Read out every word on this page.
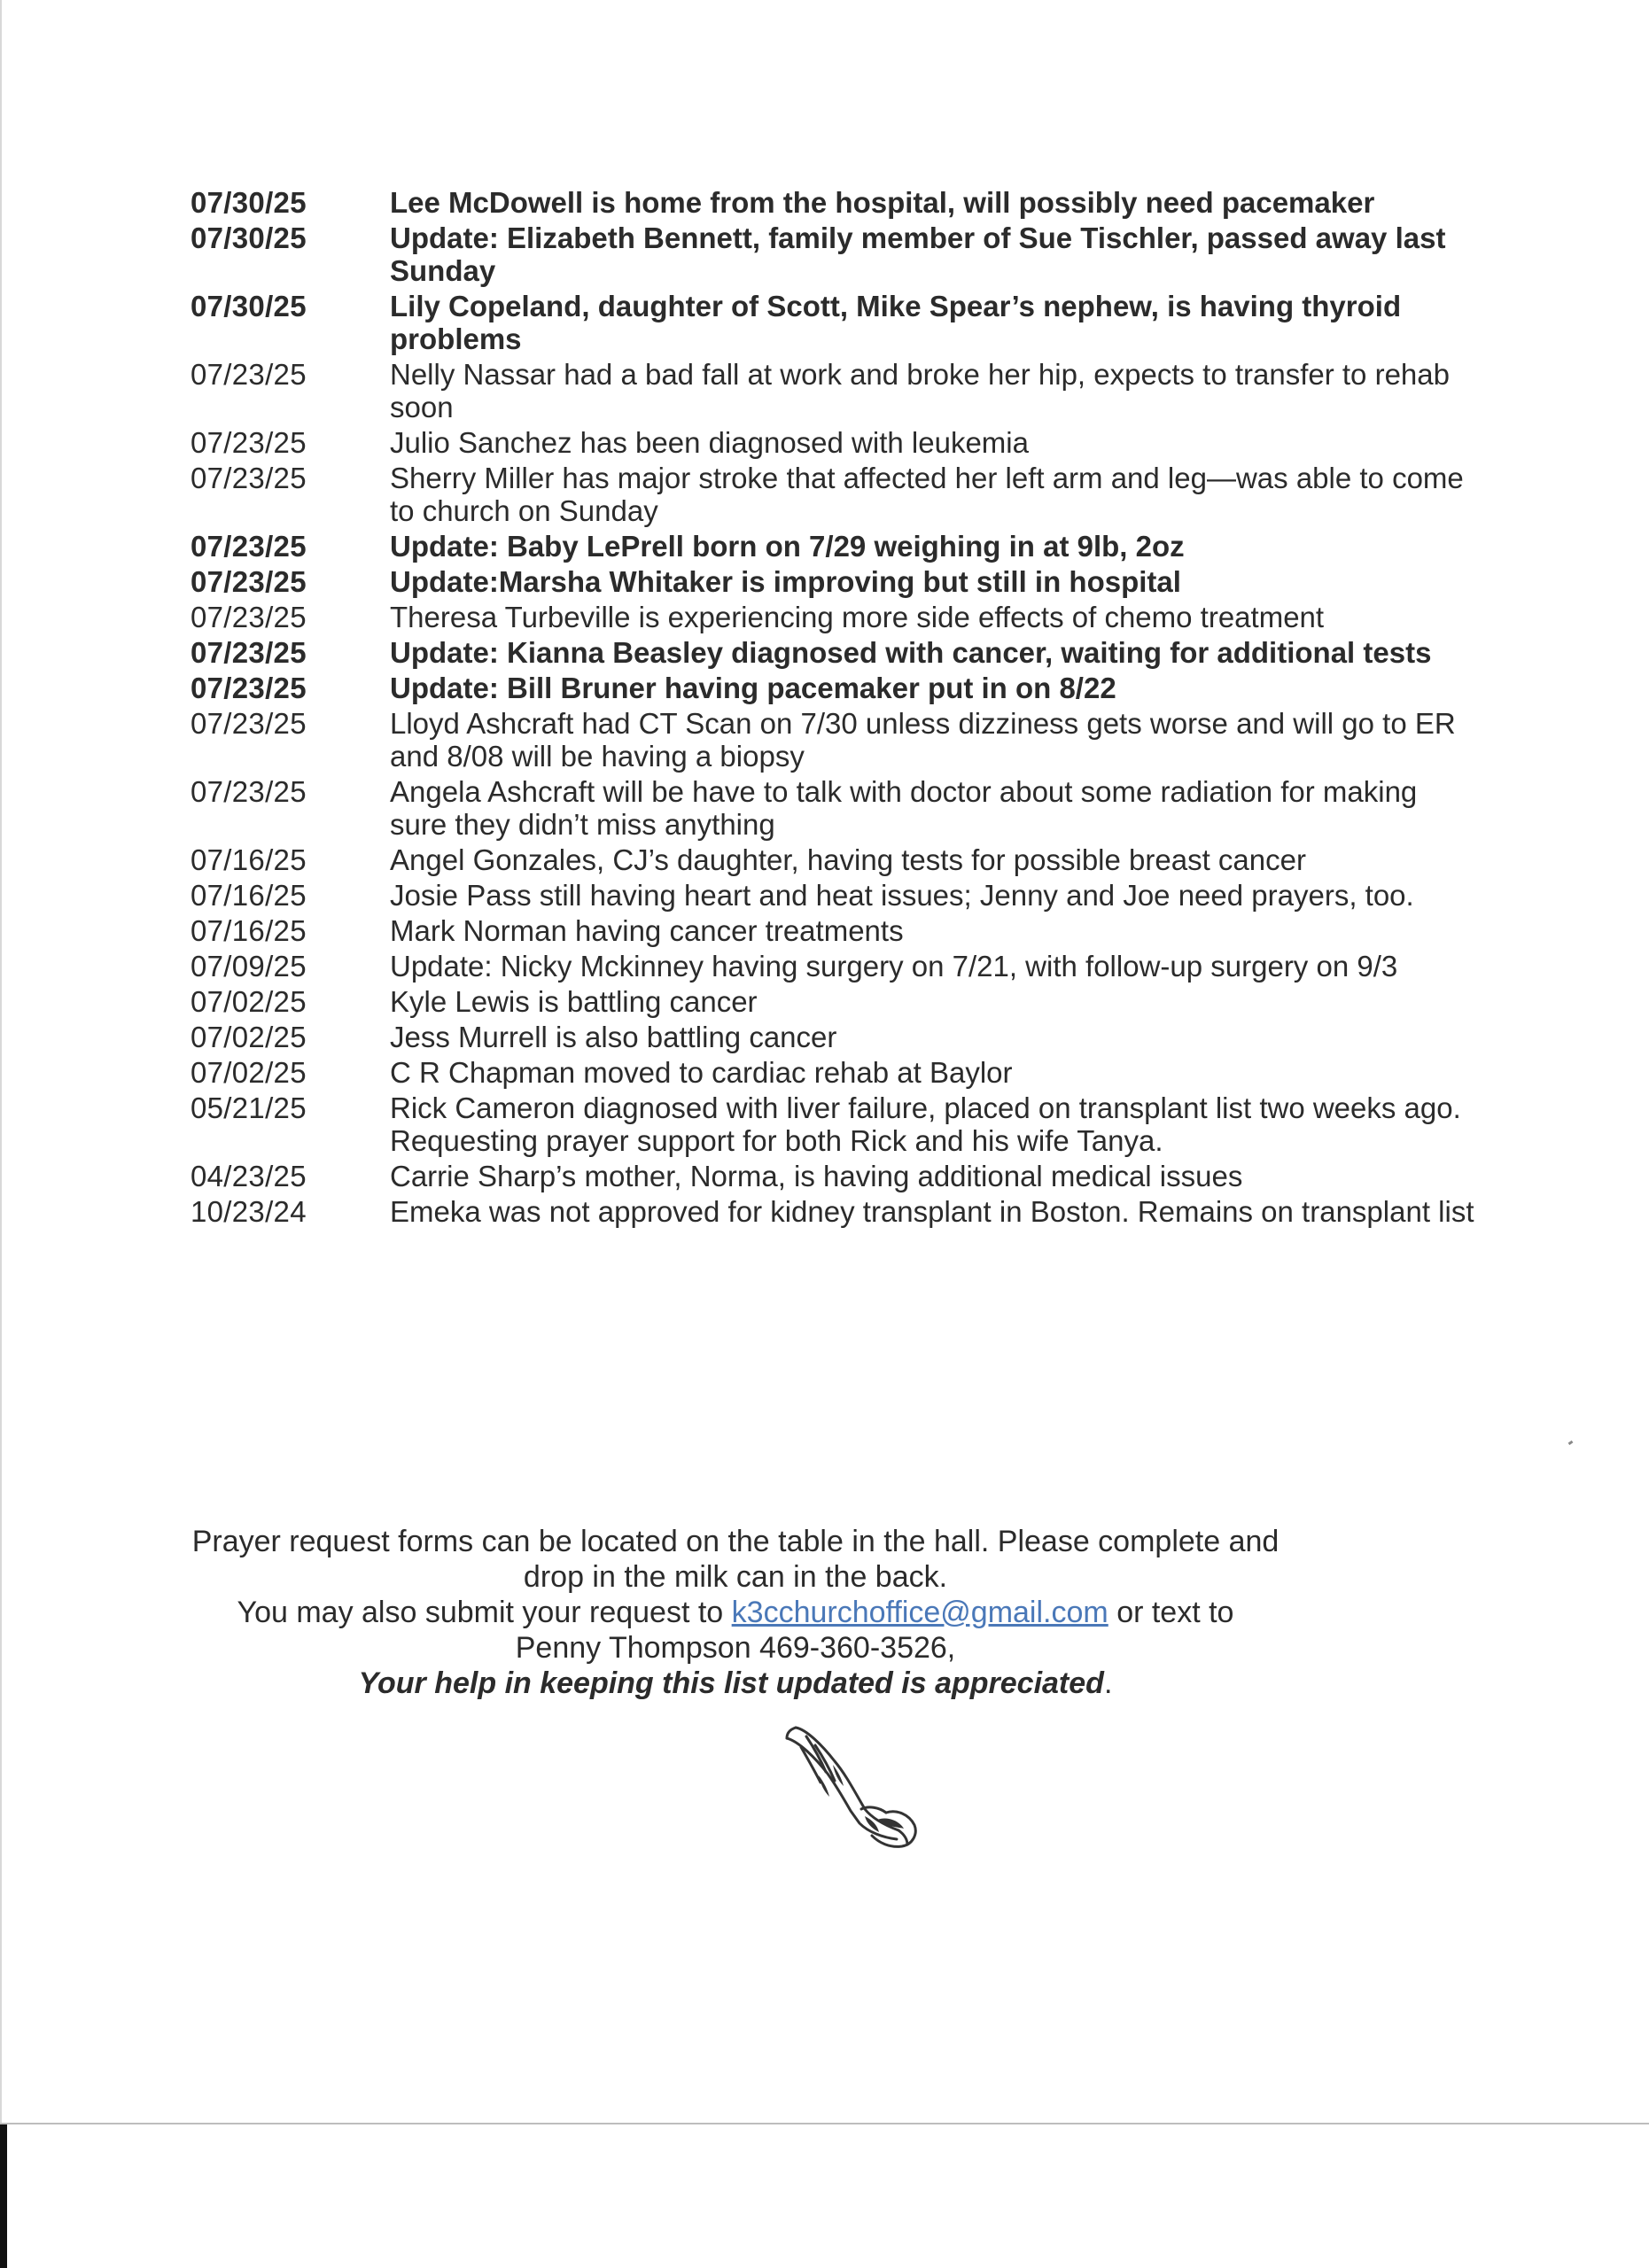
07/30/25	Lee McDowell is home from the hospital, will possibly need pacemaker
07/30/25	Update: Elizabeth Bennett, family member of Sue Tischler, passed away last Sunday
07/30/25	Lily Copeland, daughter of Scott, Mike Spear’s nephew, is having thyroid problems
07/23/25	Nelly Nassar had a bad fall at work and broke her hip, expects to transfer to rehab soon
07/23/25	Julio Sanchez has been diagnosed with leukemia
07/23/25	Sherry Miller has major stroke that affected her left arm and leg—was able to come to church on Sunday
07/23/25	Update: Baby LePrell born on 7/29 weighing in at 9lb, 2oz
07/23/25	Update:Marsha Whitaker is improving but still in hospital
07/23/25	Theresa Turbeville is experiencing more side effects of chemo treatment
07/23/25	Update: Kianna Beasley diagnosed with cancer, waiting for additional tests
07/23/25	Update: Bill Bruner having pacemaker put in on 8/22
07/23/25	Lloyd Ashcraft had CT Scan on 7/30 unless dizziness gets worse and will go to ER and 8/08 will be having a biopsy
07/23/25	Angela Ashcraft will be have to talk with doctor about some radiation for making sure they didn’t miss anything
07/16/25	Angel Gonzales, CJ’s daughter, having tests for possible breast cancer
07/16/25	Josie Pass still having heart and heat issues; Jenny and Joe need prayers, too.
07/16/25	Mark Norman having cancer treatments
07/09/25	Update: Nicky Mckinney having surgery on 7/21, with follow-up surgery on 9/3
07/02/25	Kyle Lewis is battling cancer
07/02/25	Jess Murrell is also battling cancer
07/02/25	C R Chapman moved to cardiac rehab at Baylor
05/21/25	Rick Cameron diagnosed with liver failure, placed on transplant list two weeks ago. Requesting prayer support for both Rick and his wife Tanya.
04/23/25	Carrie Sharp’s mother, Norma, is having additional medical issues
10/23/24	Emeka was not approved for kidney transplant in Boston. Remains on transplant list

Prayer request forms can be located on the table in the hall. Please complete and drop in the milk can in the back.

You may also submit your request to k3cchurchoffice@gmail.com or text to

Penny Thompson 469-360-3526,

Your help in keeping this list updated is appreciated.
